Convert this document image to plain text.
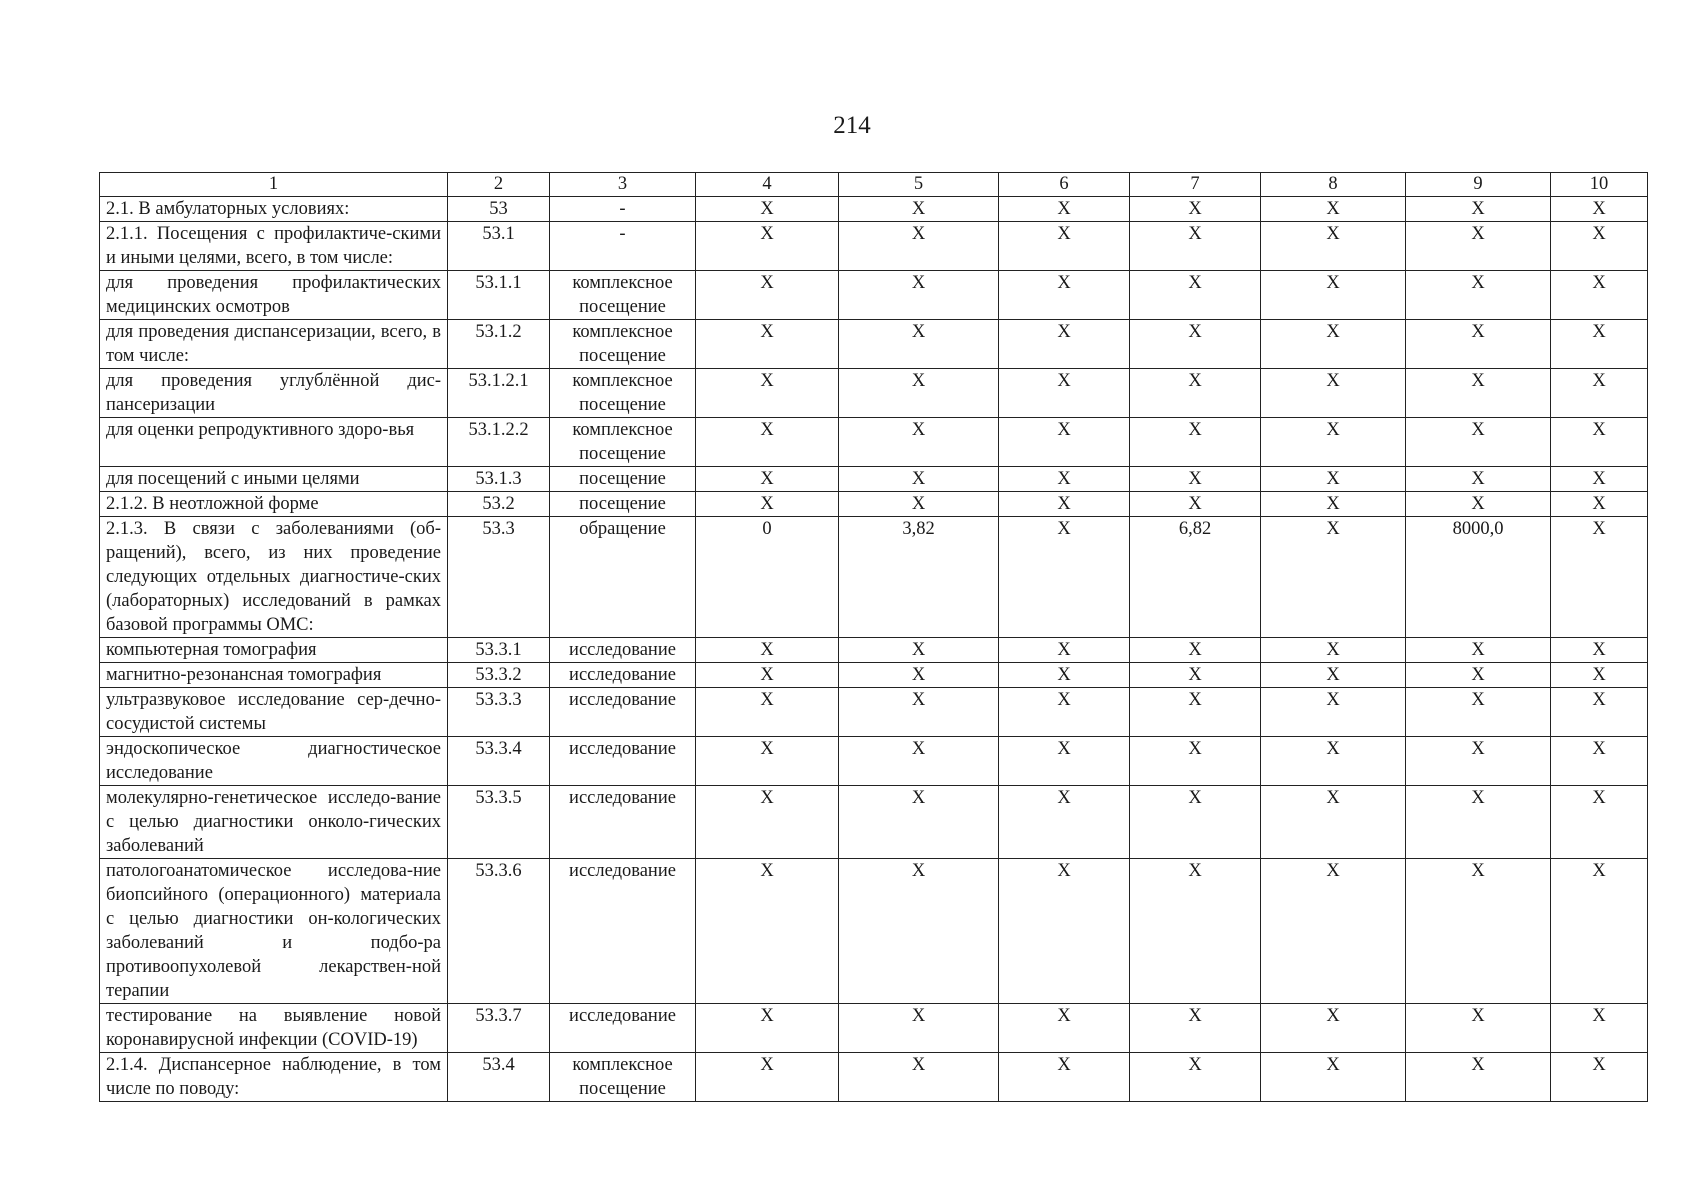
214
1	2	3	4	5	6	7	8	9	10
2.1. В амбулаторных условиях:	53	-	X	X	X	X	X	X	X
2.1.1. Посещения с профилактиче-скими и иными целями, всего, в том числе:	53.1	-	X	X	X	X	X	X	X
для проведения профилактических медицинских осмотров	53.1.1	комплексное посещение	X	X	X	X	X	X	X
для проведения диспансеризации, всего, в том числе:	53.1.2	комплексное посещение	X	X	X	X	X	X	X
для проведения углублённой дис-пансеризации	53.1.2.1	комплексное посещение	X	X	X	X	X	X	X
для оценки репродуктивного здоро-вья	53.1.2.2	комплексное посещение	X	X	X	X	X	X	X
для посещений с иными целями	53.1.3	посещение	X	X	X	X	X	X	X
2.1.2. В неотложной форме	53.2	посещение	X	X	X	X	X	X	X
2.1.3. В связи с заболеваниями (об-ращений), всего, из них проведение следующих отдельных диагностиче-ских (лабораторных) исследований в рамках базовой программы ОМС:	53.3	обращение	0	3,82	X	6,82	X	8000,0	X
компьютерная томография	53.3.1	исследование	X	X	X	X	X	X	X
магнитно-резонансная томография	53.3.2	исследование	X	X	X	X	X	X	X
ультразвуковое исследование сер-дечно-сосудистой системы	53.3.3	исследование	X	X	X	X	X	X	X
эндоскопическое диагностическое исследование	53.3.4	исследование	X	X	X	X	X	X	X
молекулярно-генетическое исследо-вание с целью диагностики онколо-гических заболеваний	53.3.5	исследование	X	X	X	X	X	X	X
патологоанатомическое исследова-ние биопсийного (операционного) материала с целью диагностики он-кологических заболеваний и подбо-ра противоопухолевой лекарствен-ной терапии	53.3.6	исследование	X	X	X	X	X	X	X
тестирование на выявление новой коронавирусной инфекции (COVID-19)	53.3.7	исследование	X	X	X	X	X	X	X
2.1.4. Диспансерное наблюдение, в том числе по поводу:	53.4	комплексное посещение	X	X	X	X	X	X	X
